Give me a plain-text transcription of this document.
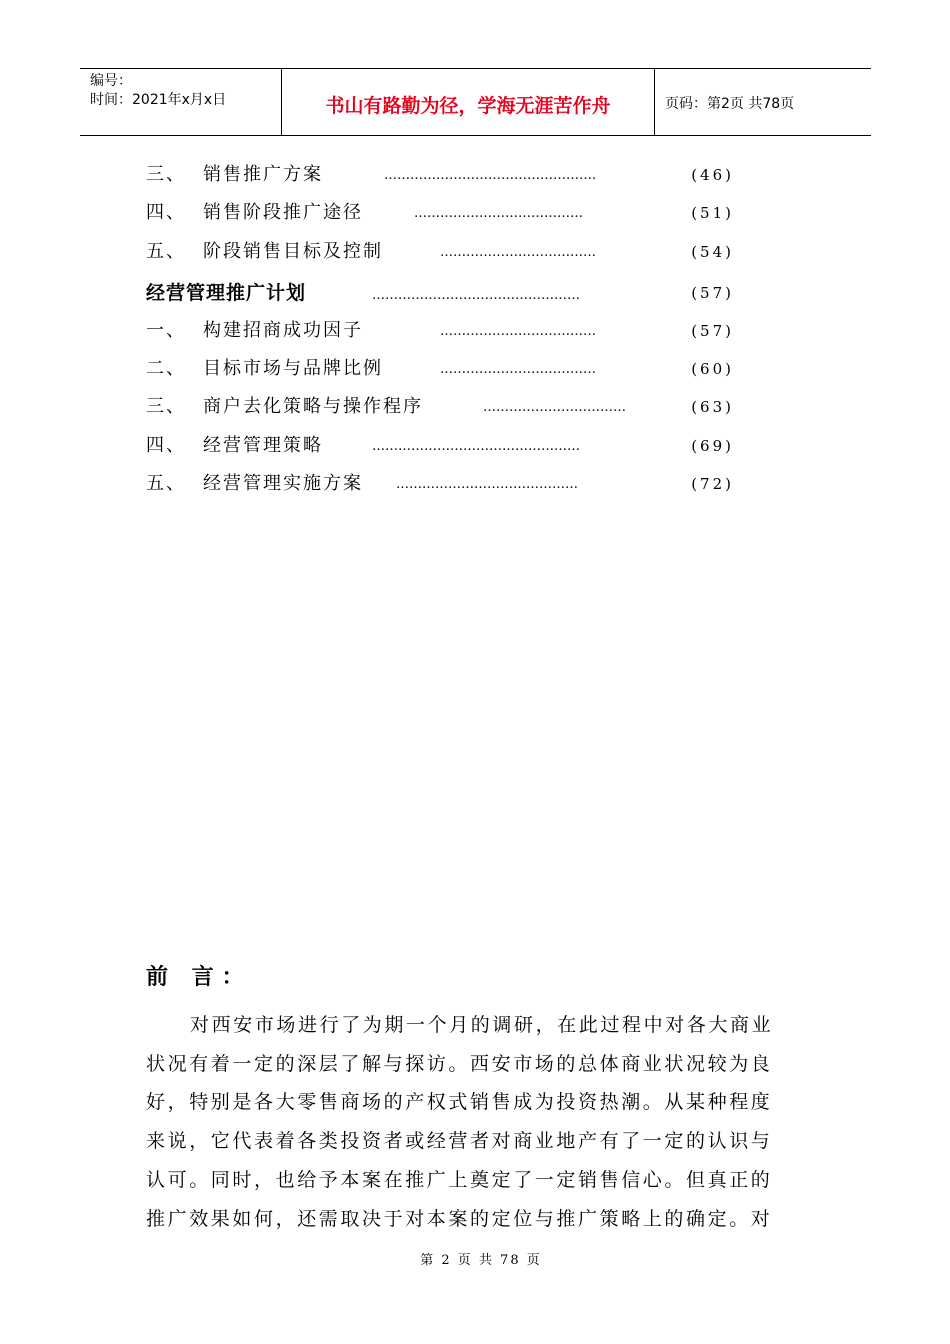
编号：
时间：2021年x月x日	书山有路勤为径，学海无涯苦作舟	页码：第2页 共78页
三、 销售推广方案	………………………………………….	(46)
四、 销售阶段推广途径	…………………………………	(51)
五、 阶段销售目标及控制	………………………………	(54)
经营管理推广计划	…………………………………………	(57)
一、 构建招商成功因子	………………………………	(57)
二、 目标市场与品牌比例	………………………………	(60)
三、 商户去化策略与操作程序	……………………………	(63)
四、 经营管理策略	…………………………………………	(69)
五、 经营管理实施方案	……………………………………	(72)
前 言：
对西安市场进行了为期一个月的调研，在此过程中对各大商业
状况有着一定的深层了解与探访。西安市场的总体商业状况较为良
好，特别是各大零售商场的产权式销售成为投资热潮。从某种程度
来说，它代表着各类投资者或经营者对商业地产有了一定的认识与
认可。同时，也给予本案在推广上奠定了一定销售信心。但真正的
推广效果如何，还需取决于对本案的定位与推广策略上的确定。对
第 2 页 共 78 页
